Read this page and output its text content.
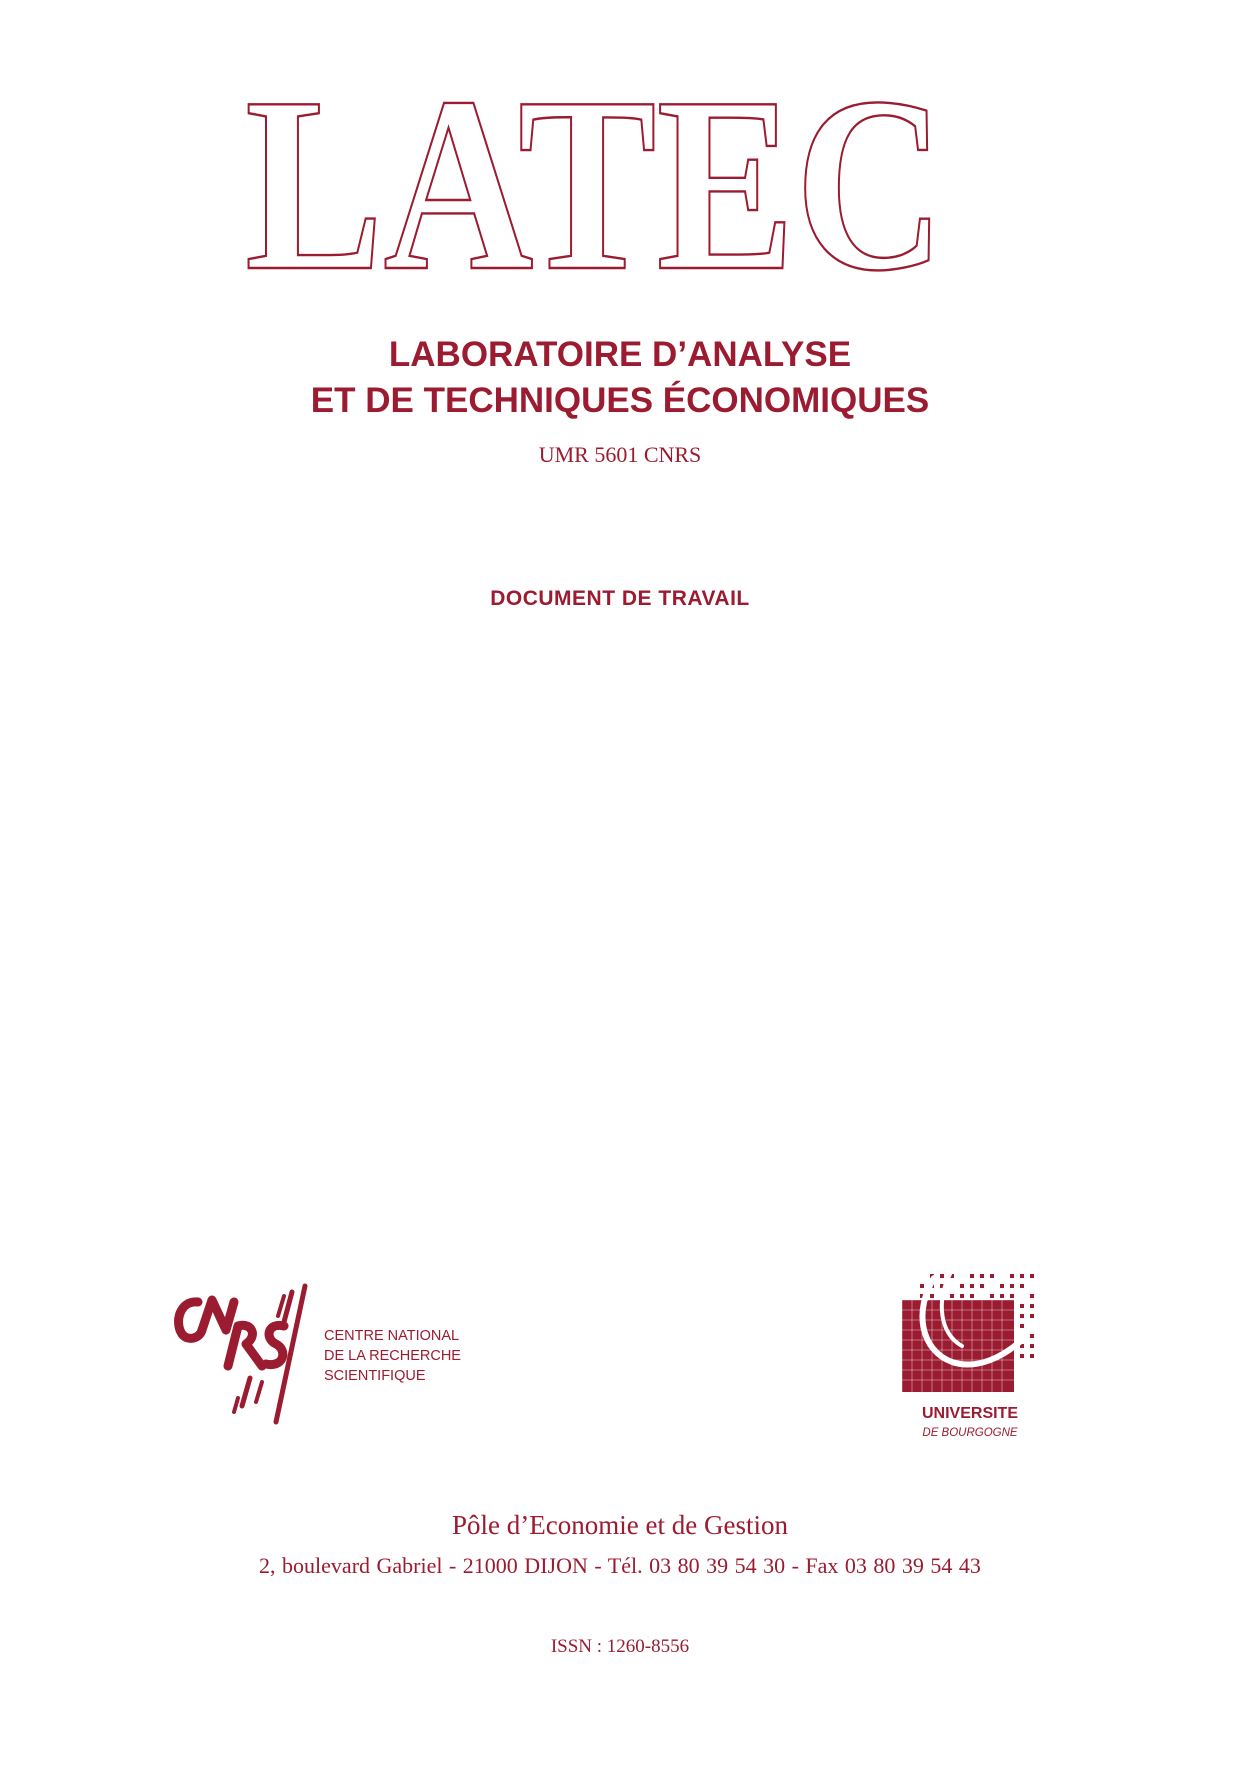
LATEC
LABORATOIRE D’ANALYSE
ET DE TECHNIQUES ÉCONOMIQUES
UMR 5601 CNRS
DOCUMENT DE TRAVAIL
CENTRE NATIONAL
DE LA RECHERCHE
SCIENTIFIQUE
UNIVERSITE
DE BOURGOGNE
Pôle d’Economie et de Gestion
2, boulevard Gabriel - 21000 DIJON - Tél. 03 80 39 54 30 - Fax 03 80 39 54 43
ISSN : 1260-8556
